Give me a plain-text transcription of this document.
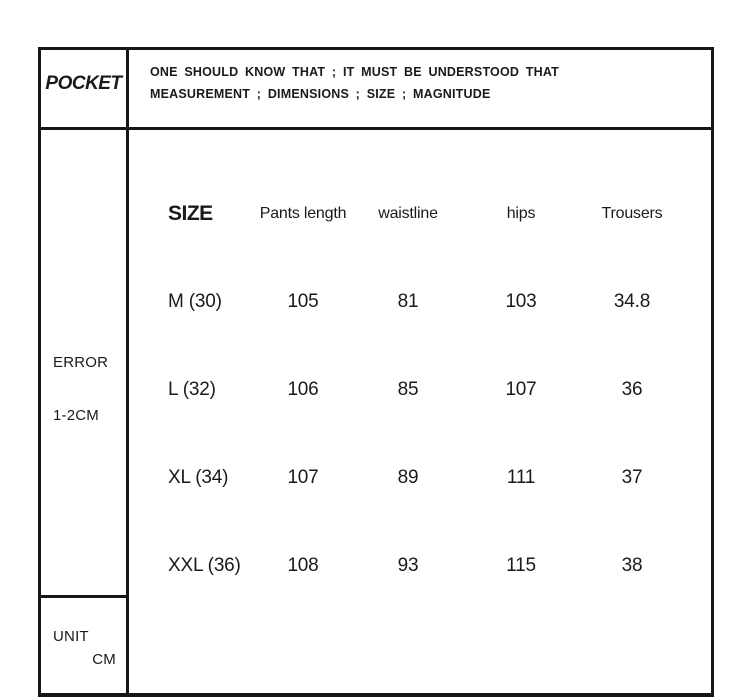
POCKET
ONE SHOULD KNOW THAT ; IT MUST BE UNDERSTOOD THAT
MEASUREMENT ; DIMENSIONS ; SIZE ; MAGNITUDE
ERROR
1-2CM
UNIT
CM
SIZE	Pants length	waistline	hips	Trousers
M (30)	105	81	103	34.8
L (32)	106	85	107	36
XL (34)	107	89	111	37
XXL (36)	108	93	115	38
